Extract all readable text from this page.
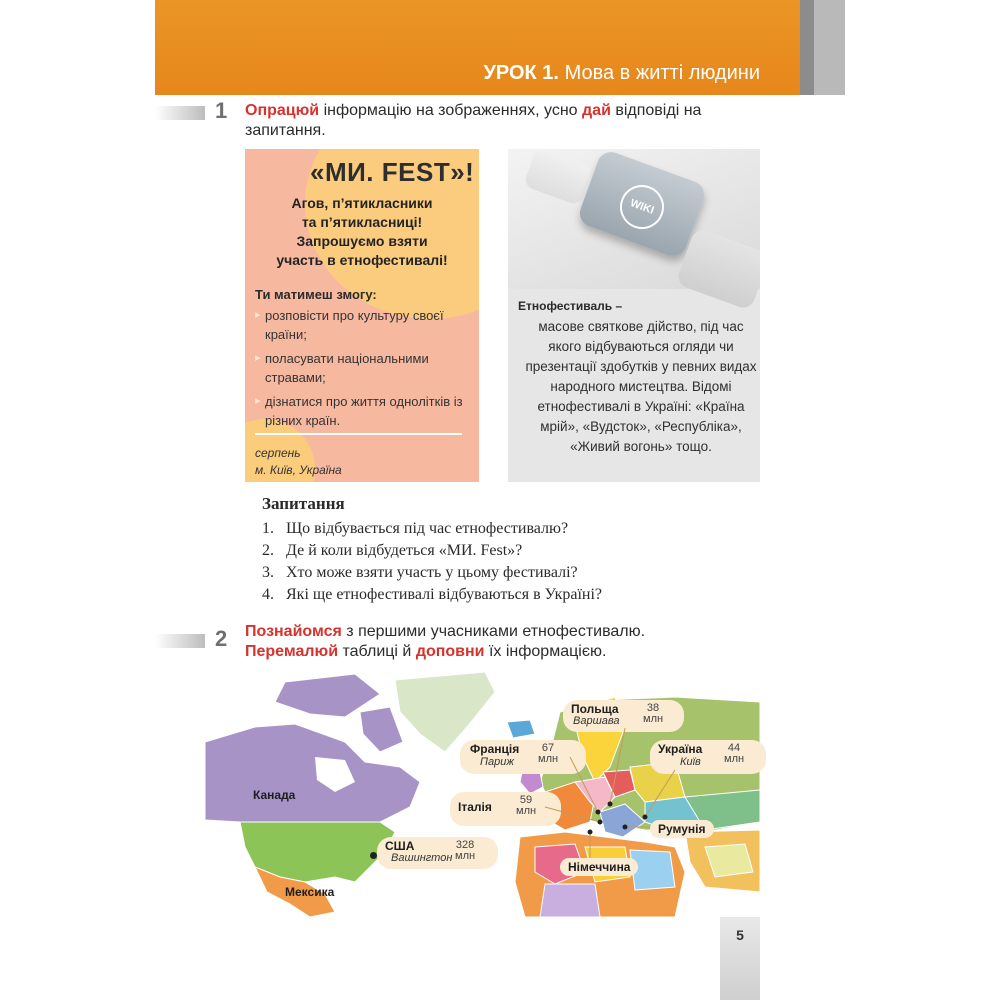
УРОК 1. Мова в житті людини
1 Опрацюй інформацію на зображеннях, усно дай відповіді на запитання.
«МИ. FEST»!
Агов, п’ятикласники
та п’ятикласниці!
Запрошуємо взяти
участь в етнофестивалі!
Ти матимеш змогу:
▸ розповісти про культуру своєї країни;
▸ поласувати національними стравами;
▸ дізнатися про життя однолітків із різних країн.
серпень
м. Київ, Україна
WIKI
Етнофестиваль –
масове святкове дійство, під час якого відбуваються огляди чи презентації здобутків у певних видах народного мистецтва. Відомі етнофестивалі в Україні: «Країна мрій», «Вудсток», «Республіка», «Живий вогонь» тощо.
Запитання
1. Що відбувається під час етнофестивалю?
2. Де й коли відбудеться «МИ. Fest»?
3. Хто може взяти участь у цьому фестивалі?
4. Які ще етнофестивалі відбуваються в Україні?
2 Познайомся з першими учасниками етнофестивалю.
Перемалюй таблиці й доповни їх інформацією.
Канада
Мексика
США
Вашингтон
328
млн
Польща
Варшава
38
млн
Франція
Париж
67
млн
Україна
Київ
44
млн
Італія	59
млн
Румунія
Німеччина
5
